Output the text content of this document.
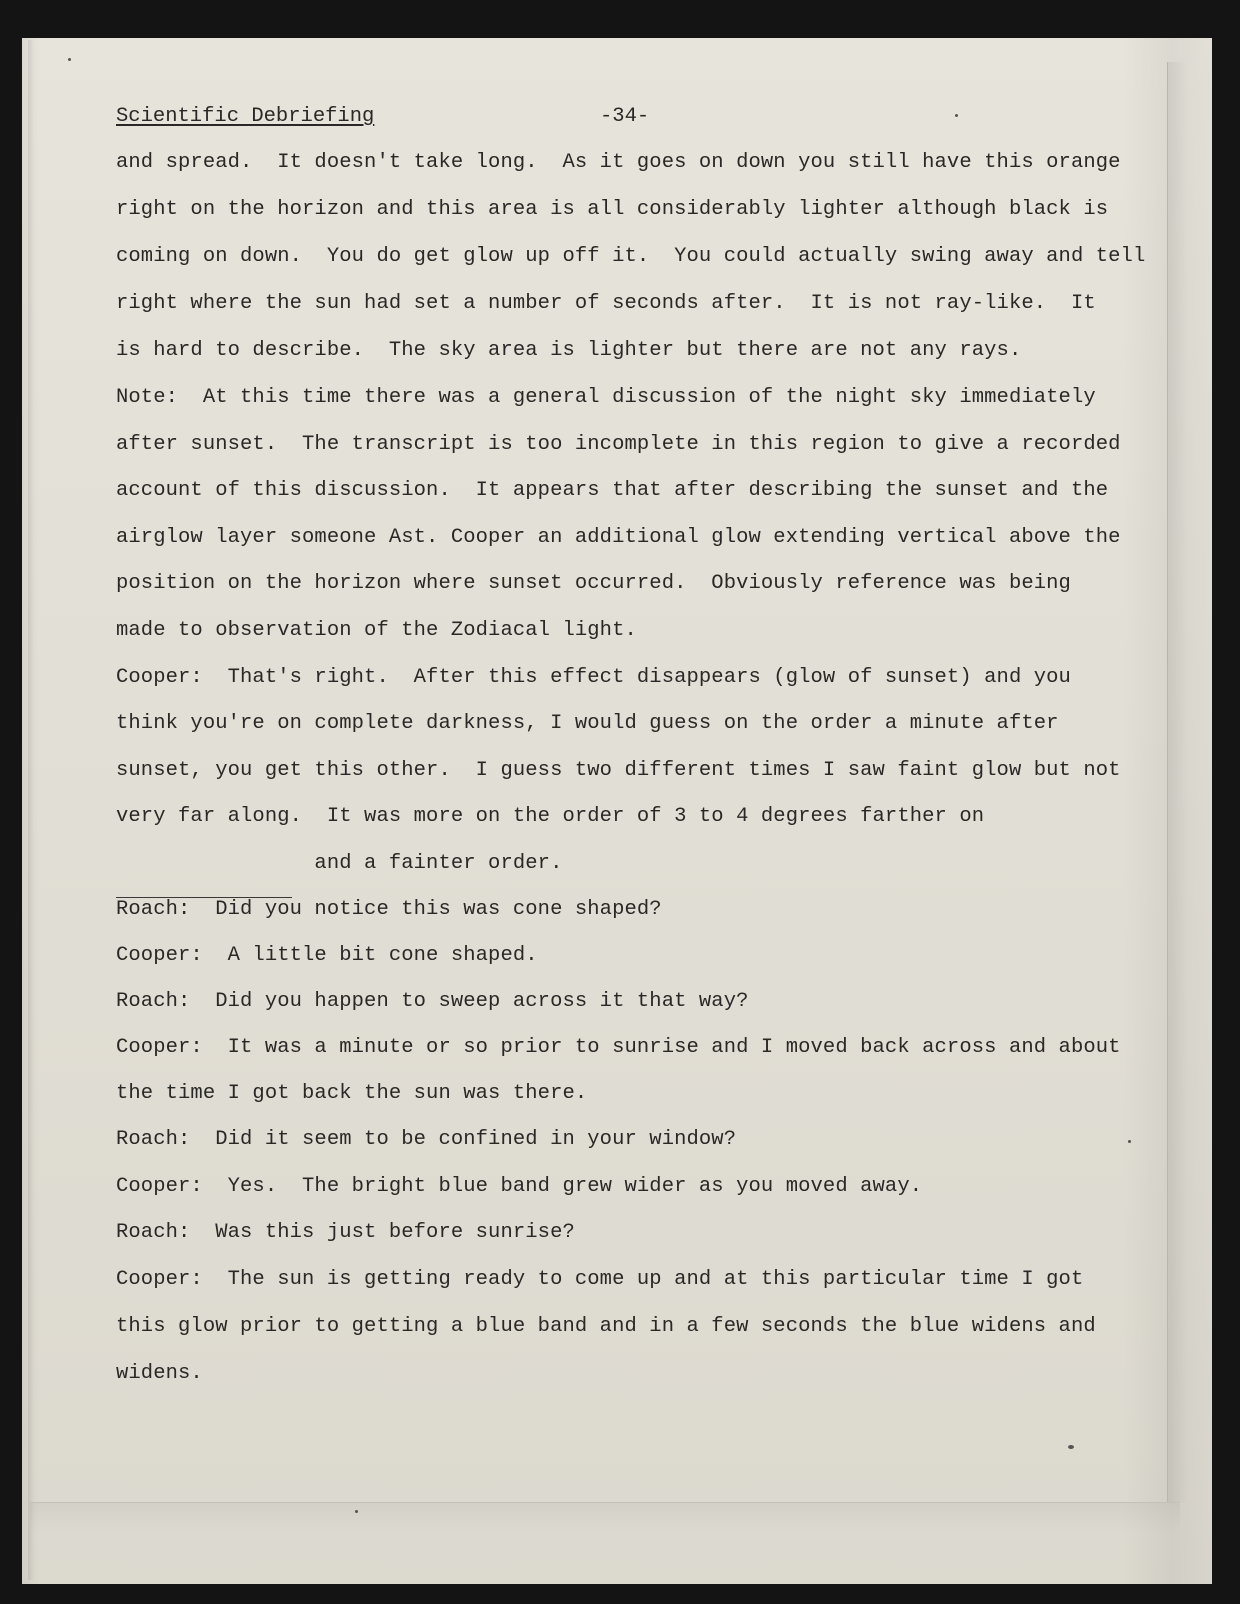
Scientific Debriefing	-34-

and spread.  It doesn't take long.  As it goes on down you still have this orange

right on the horizon and this area is all considerably lighter although black is

coming on down.  You do get glow up off it.  You could actually swing away and tell

right where the sun had set a number of seconds after.  It is not ray-like.  It

is hard to describe.  The sky area is lighter but there are not any rays.

Note:  At this time there was a general discussion of the night sky immediately

after sunset.  The transcript is too incomplete in this region to give a recorded

account of this discussion.  It appears that after describing the sunset and the

airglow layer someone Ast. Cooper an additional glow extending vertical above the

position on the horizon where sunset occurred.  Obviously reference was being

made to observation of the Zodiacal light.

Cooper:  That's right.  After this effect disappears (glow of sunset) and you

think you're on complete darkness, I would guess on the order a minute after

sunset, you get this other.  I guess two different times I saw faint glow but not

very far along.  It was more on the order of 3 to 4 degrees farther on

and a fainter order.

Roach:  Did you notice this was cone shaped?

Cooper:  A little bit cone shaped.

Roach:  Did you happen to sweep across it that way?

Cooper:  It was a minute or so prior to sunrise and I moved back across and about

the time I got back the sun was there.

Roach:  Did it seem to be confined in your window?

Cooper:  Yes.  The bright blue band grew wider as you moved away.

Roach:  Was this just before sunrise?

Cooper:  The sun is getting ready to come up and at this particular time I got

this glow prior to getting a blue band and in a few seconds the blue widens and

widens.
